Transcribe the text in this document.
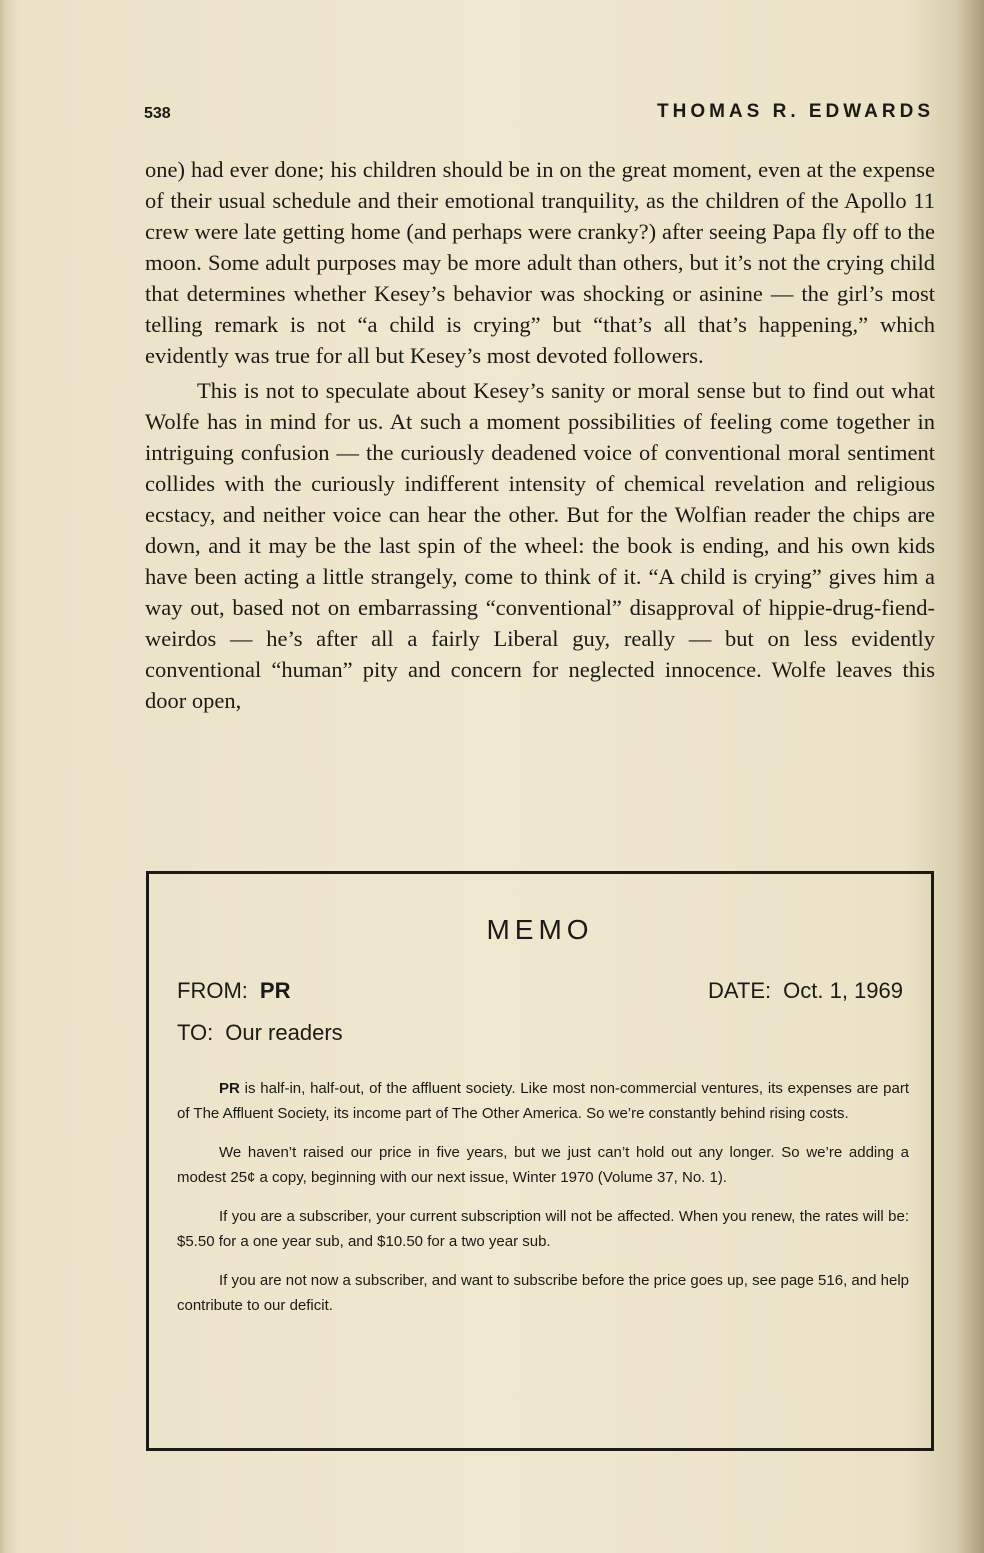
538	THOMAS R. EDWARDS

one) had ever done; his children should be in on the great moment, even at the expense of their usual schedule and their emotional tranquility, as the children of the Apollo 11 crew were late getting home (and perhaps were cranky?) after seeing Papa fly off to the moon. Some adult purposes may be more adult than others, but it’s not the crying child that determines whether Kesey’s behavior was shocking or asinine — the girl’s most telling remark is not “a child is crying” but “that’s all that’s happening,” which evidently was true for all but Kesey’s most devoted followers.

This is not to speculate about Kesey’s sanity or moral sense but to find out what Wolfe has in mind for us. At such a moment possibilities of feeling come together in intriguing confusion — the curiously deadened voice of conventional moral sentiment collides with the curiously indifferent intensity of chemical revelation and religious ecstacy, and neither voice can hear the other. But for the Wolfian reader the chips are down, and it may be the last spin of the wheel: the book is ending, and his own kids have been acting a little strangely, come to think of it. “A child is crying” gives him a way out, based not on embarrassing “conventional” disapproval of hippie-drug-fiend-weirdos — he’s after all a fairly Liberal guy, really — but on less evidently conventional “human” pity and concern for neglected innocence. Wolfe leaves this door open,

MEMO
FROM: PR	DATE: Oct. 1, 1969
TO: Our readers

PR is half-in, half-out, of the affluent society. Like most non-commercial ventures, its expenses are part of The Affluent Society, its income part of The Other America. So we’re constantly behind rising costs.

We haven’t raised our price in five years, but we just can’t hold out any longer. So we’re adding a modest 25¢ a copy, beginning with our next issue, Winter 1970 (Volume 37, No. 1).

If you are a subscriber, your current subscription will not be affected. When you renew, the rates will be: $5.50 for a one year sub, and $10.50 for a two year sub.

If you are not now a subscriber, and want to subscribe before the price goes up, see page 516, and help contribute to our deficit.
